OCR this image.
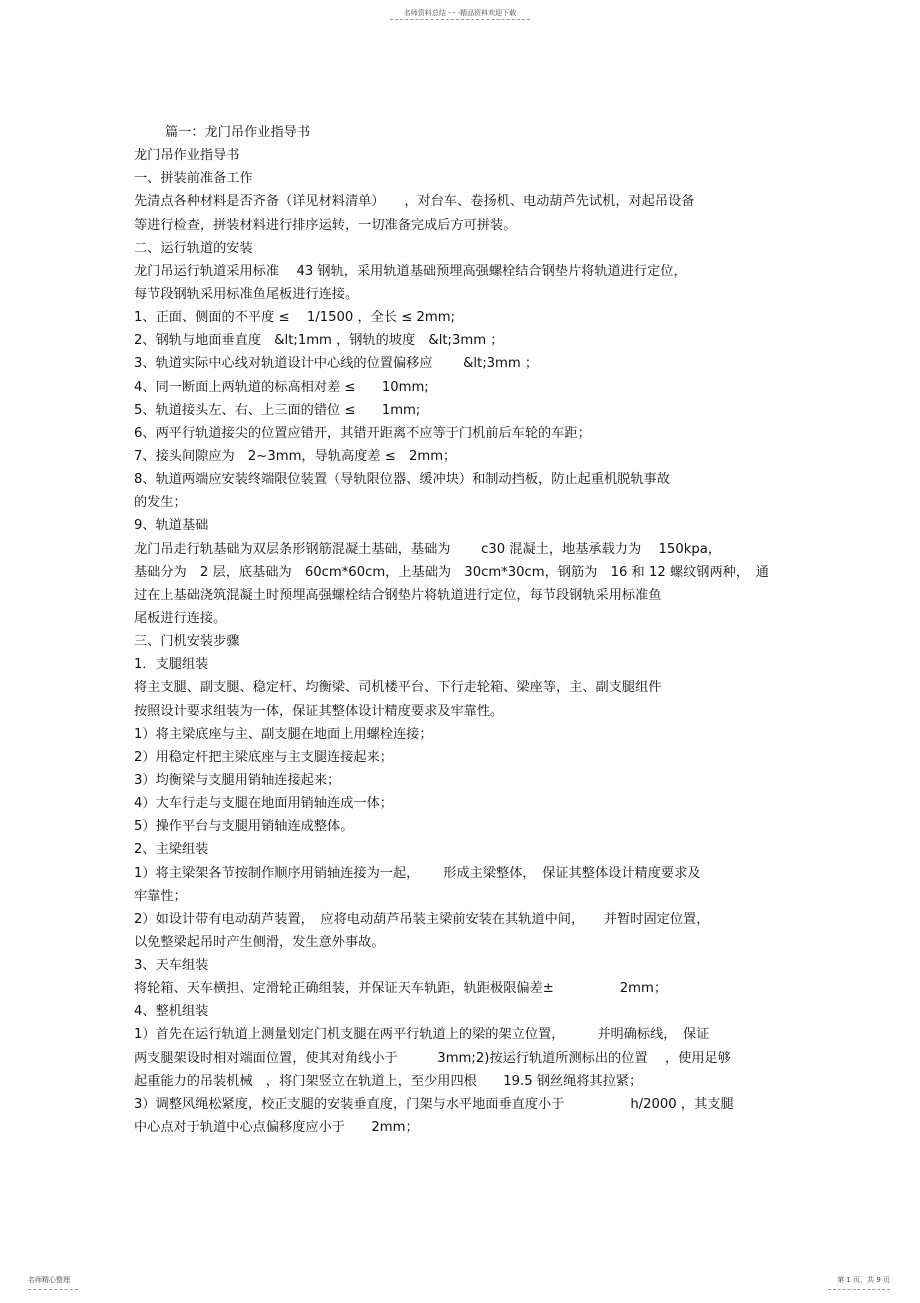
名师资料总结 - - -精品资料欢迎下载
篇一：龙门吊作业指导书
龙门吊作业指导书
一、拼装前准备工作
先清点各种材料是否齐备（详见材料清单）　　，对台车、卷扬机、电动葫芦先试机，对起吊设备
等进行检查，拼装材料进行排序运转，一切准备完成后方可拼装。
二、运行轨道的安装
龙门吊运行轨道采用标准　 43 钢轨，采用轨道基础预埋高强螺栓结合钢垫片将轨道进行定位，
每节段钢轨采用标准鱼尾板进行连接。
1、正面、侧面的不平度 ≤　 1/1500 ，全长 ≤ 2mm;
2、钢轨与地面垂直度　&lt;1mm ，钢轨的坡度　&lt;3mm ；
3、轨道实际中心线对轨道设计中心线的位置偏移应　　 &lt;3mm ；
4、同一断面上两轨道的标高相对差 ≤　　10mm;
5、轨道接头左、右、上三面的错位 ≤　　1mm;
6、两平行轨道接尖的位置应错开，其错开距离不应等于门机前后车轮的车距；
7、接头间隙应为　2~3mm，导轨高度差 ≤　2mm；
8、轨道两端应安装终端限位装置（导轨限位器、缓冲块）和制动挡板，防止起重机脱轨事故
的发生；
9、轨道基础
龙门吊走行轨基础为双层条形钢筋混凝土基础，基础为　　 c30 混凝土，地基承载力为　 150kpa，
基础分为　2 层，底基础为　60cm*60cm，上基础为　30cm*30cm，钢筋为　16 和 12 螺纹钢两种，　通
过在上基础浇筑混凝土时预埋高强螺栓结合钢垫片将轨道进行定位，每节段钢轨采用标准鱼
尾板进行连接。
三、门机安装步骤
1．支腿组装
将主支腿、副支腿、稳定杆、均衡梁、司机楼平台、下行走轮箱、梁座等，主、副支腿组件
按照设计要求组装为一体，保证其整体设计精度要求及牢靠性。
1）将主梁底座与主、副支腿在地面上用螺栓连接；
2）用稳定杆把主梁底座与主支腿连接起来；
3）均衡梁与支腿用销轴连接起来；
4）大车行走与支腿在地面用销轴连成一体；
5）操作平台与支腿用销轴连成整体。
2、主梁组装
1）将主梁架各节按制作顺序用销轴连接为一起，　　 形成主梁整体，　保证其整体设计精度要求及
牢靠性；
2）如设计带有电动葫芦装置，　应将电动葫芦吊装主梁前安装在其轨道中间，　　并暂时固定位置，
以免整梁起吊时产生侧滑，发生意外事故。
3、天车组装
将轮箱、天车横担、定滑轮正确组装，并保证天车轨距，轨距极限偏差±　　　　　2mm；
4、整机组装
1）首先在运行轨道上测量划定门机支腿在两平行轨道上的梁的架立位置，　　　并明确标线，　保证
两支腿架设时相对端面位置，使其对角线小于　　　3mm;2)按运行轨道所测标出的位置　 ，使用足够
起重能力的吊装机械　，将门架竖立在轨道上，至少用四根　　19.5 钢丝绳将其拉紧；
3）调整风绳松紧度，校正支腿的安装垂直度，门架与水平地面垂直度小于　　　　　h/2000 ，其支腿
中心点对于轨道中心点偏移度应小于　　2mm；
名师精心整理	第 1 页，共 9 页
